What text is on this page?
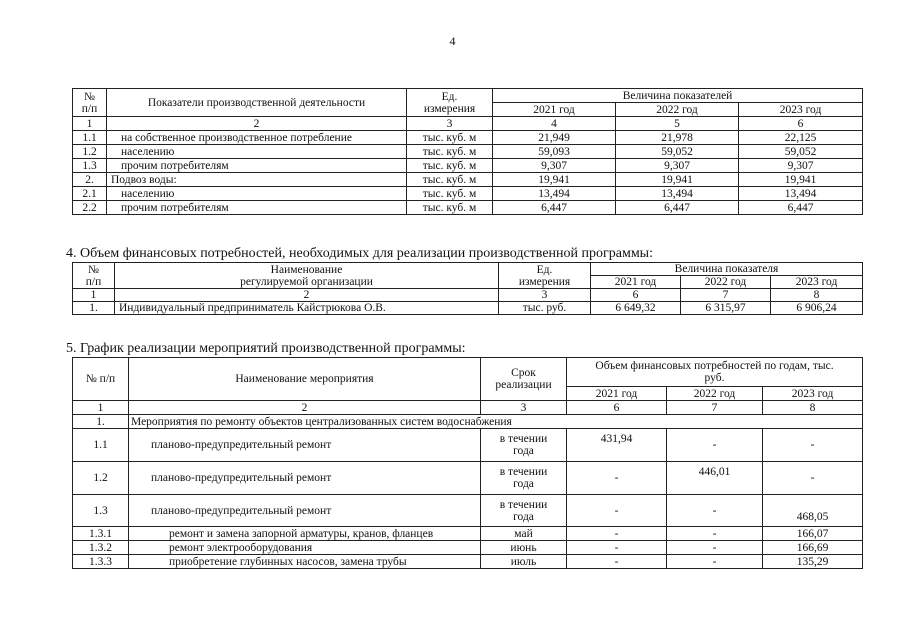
4
№
п/п	Показатели производственной деятельности	Ед.
измерения	Величина показателей		
			2021 год	2022 год	2023 год
1	2	3	4	5	6
1.1	на собственное производственное потребление	тыс. куб. м	21,949	21,978	22,125
1.2	населению	тыс. куб. м	59,093	59,052	59,052
1.3	прочим потребителям	тыс. куб. м	9,307	9,307	9,307
2.	Подвоз воды:	тыс. куб. м	19,941	19,941	19,941
2.1	населению	тыс. куб. м	13,494	13,494	13,494
2.2	прочим потребителям	тыс. куб. м	6,447	6,447	6,447
4. Объем финансовых потребностей, необходимых для реализации производственной программы:
№
п/п	Наименование
регулируемой организации	Ед.
измерения	Величина показателя		
			2021 год	2022 год	2023 год
1	2	3	6	7	8
1.	Индивидуальный предприниматель Кайстрюкова О.В.	тыс. руб.	6 649,32	6 315,97	6 906,24
5. График реализации мероприятий производственной программы:
№ п/п	Наименование мероприятия	Срок
реализации	Объем финансовых потребностей по годам, тыс.
руб.		
			2021 год	2022 год	2023 год
1	2	3	6	7	8
1.	Мероприятия по ремонту объектов централизованных систем водоснабжения				
1.1	планово-предупредительный ремонт	в течении
года	431,94	-	-
1.2	планово-предупредительный ремонт	в течении
года	-	446,01	-
1.3	планово-предупредительный ремонт	в течении
года	-	-	468,05
1.3.1	ремонт и замена запорной арматуры, кранов, фланцев	май	-	-	166,07
1.3.2	ремонт электрооборудования	июнь	-	-	166,69
1.3.3	приобретение глубинных насосов, замена трубы	июль	-	-	135,29
